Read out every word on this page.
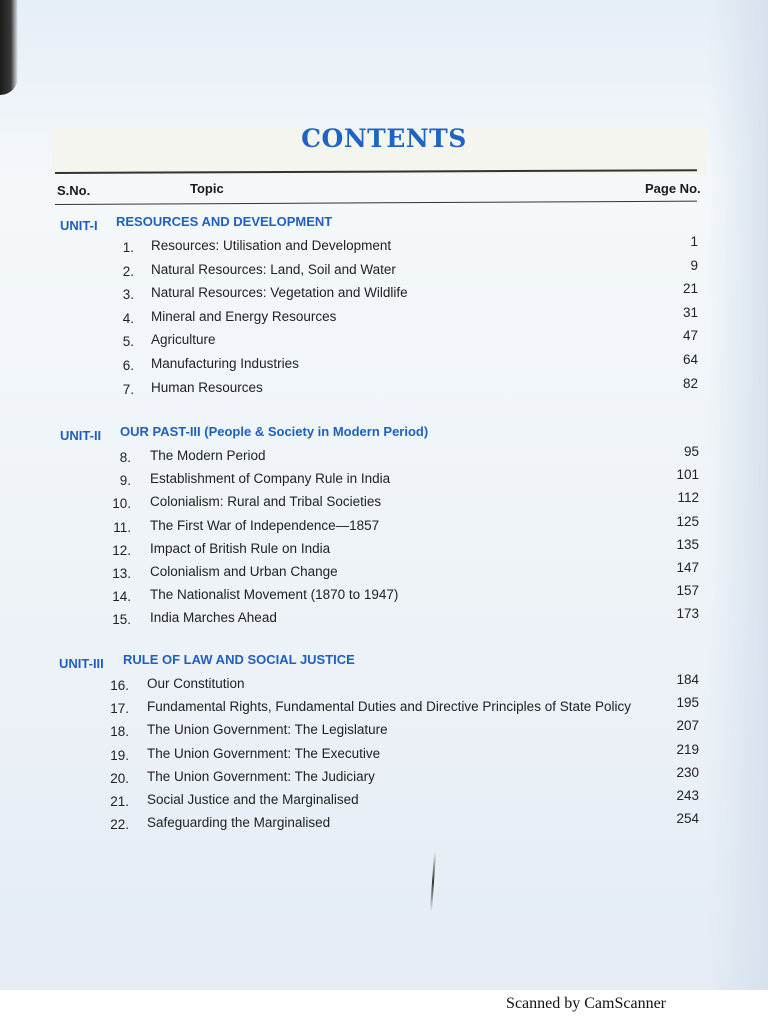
CONTENTS
S.No.	Topic	Page No.
UNIT-I RESOURCES AND DEVELOPMENT
1. Resources: Utilisation and Development	1
2. Natural Resources: Land, Soil and Water	9
3. Natural Resources: Vegetation and Wildlife	21
4. Mineral and Energy Resources	31
5. Agriculture	47
6. Manufacturing Industries	64
7. Human Resources	82
UNIT-II OUR PAST-III (People & Society in Modern Period)
8. The Modern Period	95
9. Establishment of Company Rule in India	101
10. Colonialism: Rural and Tribal Societies	112
11. The First War of Independence—1857	125
12. Impact of British Rule on India	135
13. Colonialism and Urban Change	147
14. The Nationalist Movement (1870 to 1947)	157
15. India Marches Ahead	173
UNIT-III RULE OF LAW AND SOCIAL JUSTICE
16. Our Constitution	184
17. Fundamental Rights, Fundamental Duties and Directive Principles of State Policy	195
18. The Union Government: The Legislature	207
19. The Union Government: The Executive	219
20. The Union Government: The Judiciary	230
21. Social Justice and the Marginalised	243
22. Safeguarding the Marginalised	254
Scanned by CamScanner
